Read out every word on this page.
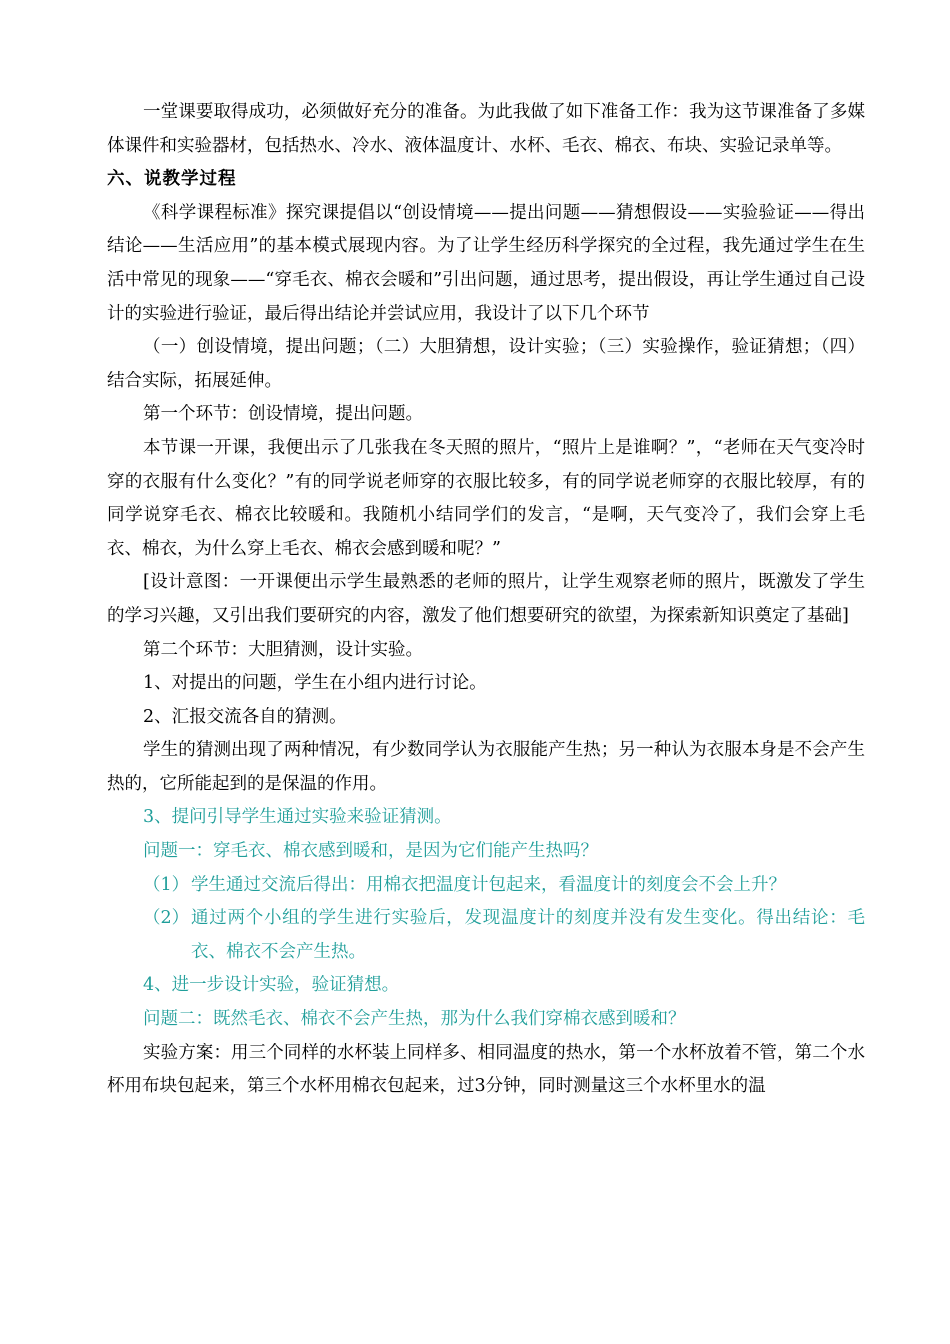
一堂课要取得成功，必须做好充分的准备。为此我做了如下准备工作：我为这节课准备了多媒体课件和实验器材，包括热水、冷水、液体温度计、水杯、毛衣、棉衣、布块、实验记录单等。

六、说教学过程

《科学课程标准》探究课提倡以“创设情境——提出问题——猜想假设——实验验证——得出结论——生活应用”的基本模式展现内容。为了让学生经历科学探究的全过程，我先通过学生在生活中常见的现象——“穿毛衣、棉衣会暖和”引出问题，通过思考，提出假设，再让学生通过自己设计的实验进行验证，最后得出结论并尝试应用，我设计了以下几个环节

（一）创设情境，提出问题；（二）大胆猜想，设计实验；（三）实验操作，验证猜想；（四）结合实际，拓展延伸。

第一个环节：创设情境，提出问题。

本节课一开课，我便出示了几张我在冬天照的照片，“照片上是谁啊？”，“老师在天气变冷时穿的衣服有什么变化？”有的同学说老师穿的衣服比较多，有的同学说老师穿的衣服比较厚，有的同学说穿毛衣、棉衣比较暖和。我随机小结同学们的发言，“是啊，天气变冷了，我们会穿上毛衣、棉衣，为什么穿上毛衣、棉衣会感到暖和呢？”

[设计意图：一开课便出示学生最熟悉的老师的照片，让学生观察老师的照片，既激发了学生的学习兴趣，又引出我们要研究的内容，激发了他们想要研究的欲望，为探索新知识奠定了基础]

第二个环节：大胆猜测，设计实验。

1、对提出的问题，学生在小组内进行讨论。

2、汇报交流各自的猜测。

学生的猜测出现了两种情况，有少数同学认为衣服能产生热；另一种认为衣服本身是不会产生热的，它所能起到的是保温的作用。

3、提问引导学生通过实验来验证猜测。

问题一：穿毛衣、棉衣感到暖和，是因为它们能产生热吗？

（1） 学生通过交流后得出：用棉衣把温度计包起来，看温度计的刻度会不会上升？
（2） 通过两个小组的学生进行实验后，发现温度计的刻度并没有发生变化。得出结论：毛衣、棉衣不会产生热。

4、进一步设计实验，验证猜想。

问题二：既然毛衣、棉衣不会产生热，那为什么我们穿棉衣感到暖和？

实验方案：用三个同样的水杯装上同样多、相同温度的热水，第一个水杯放着不管，第二个水杯用布块包起来，第三个水杯用棉衣包起来，过3分钟，同时测量这三个水杯里水的温
